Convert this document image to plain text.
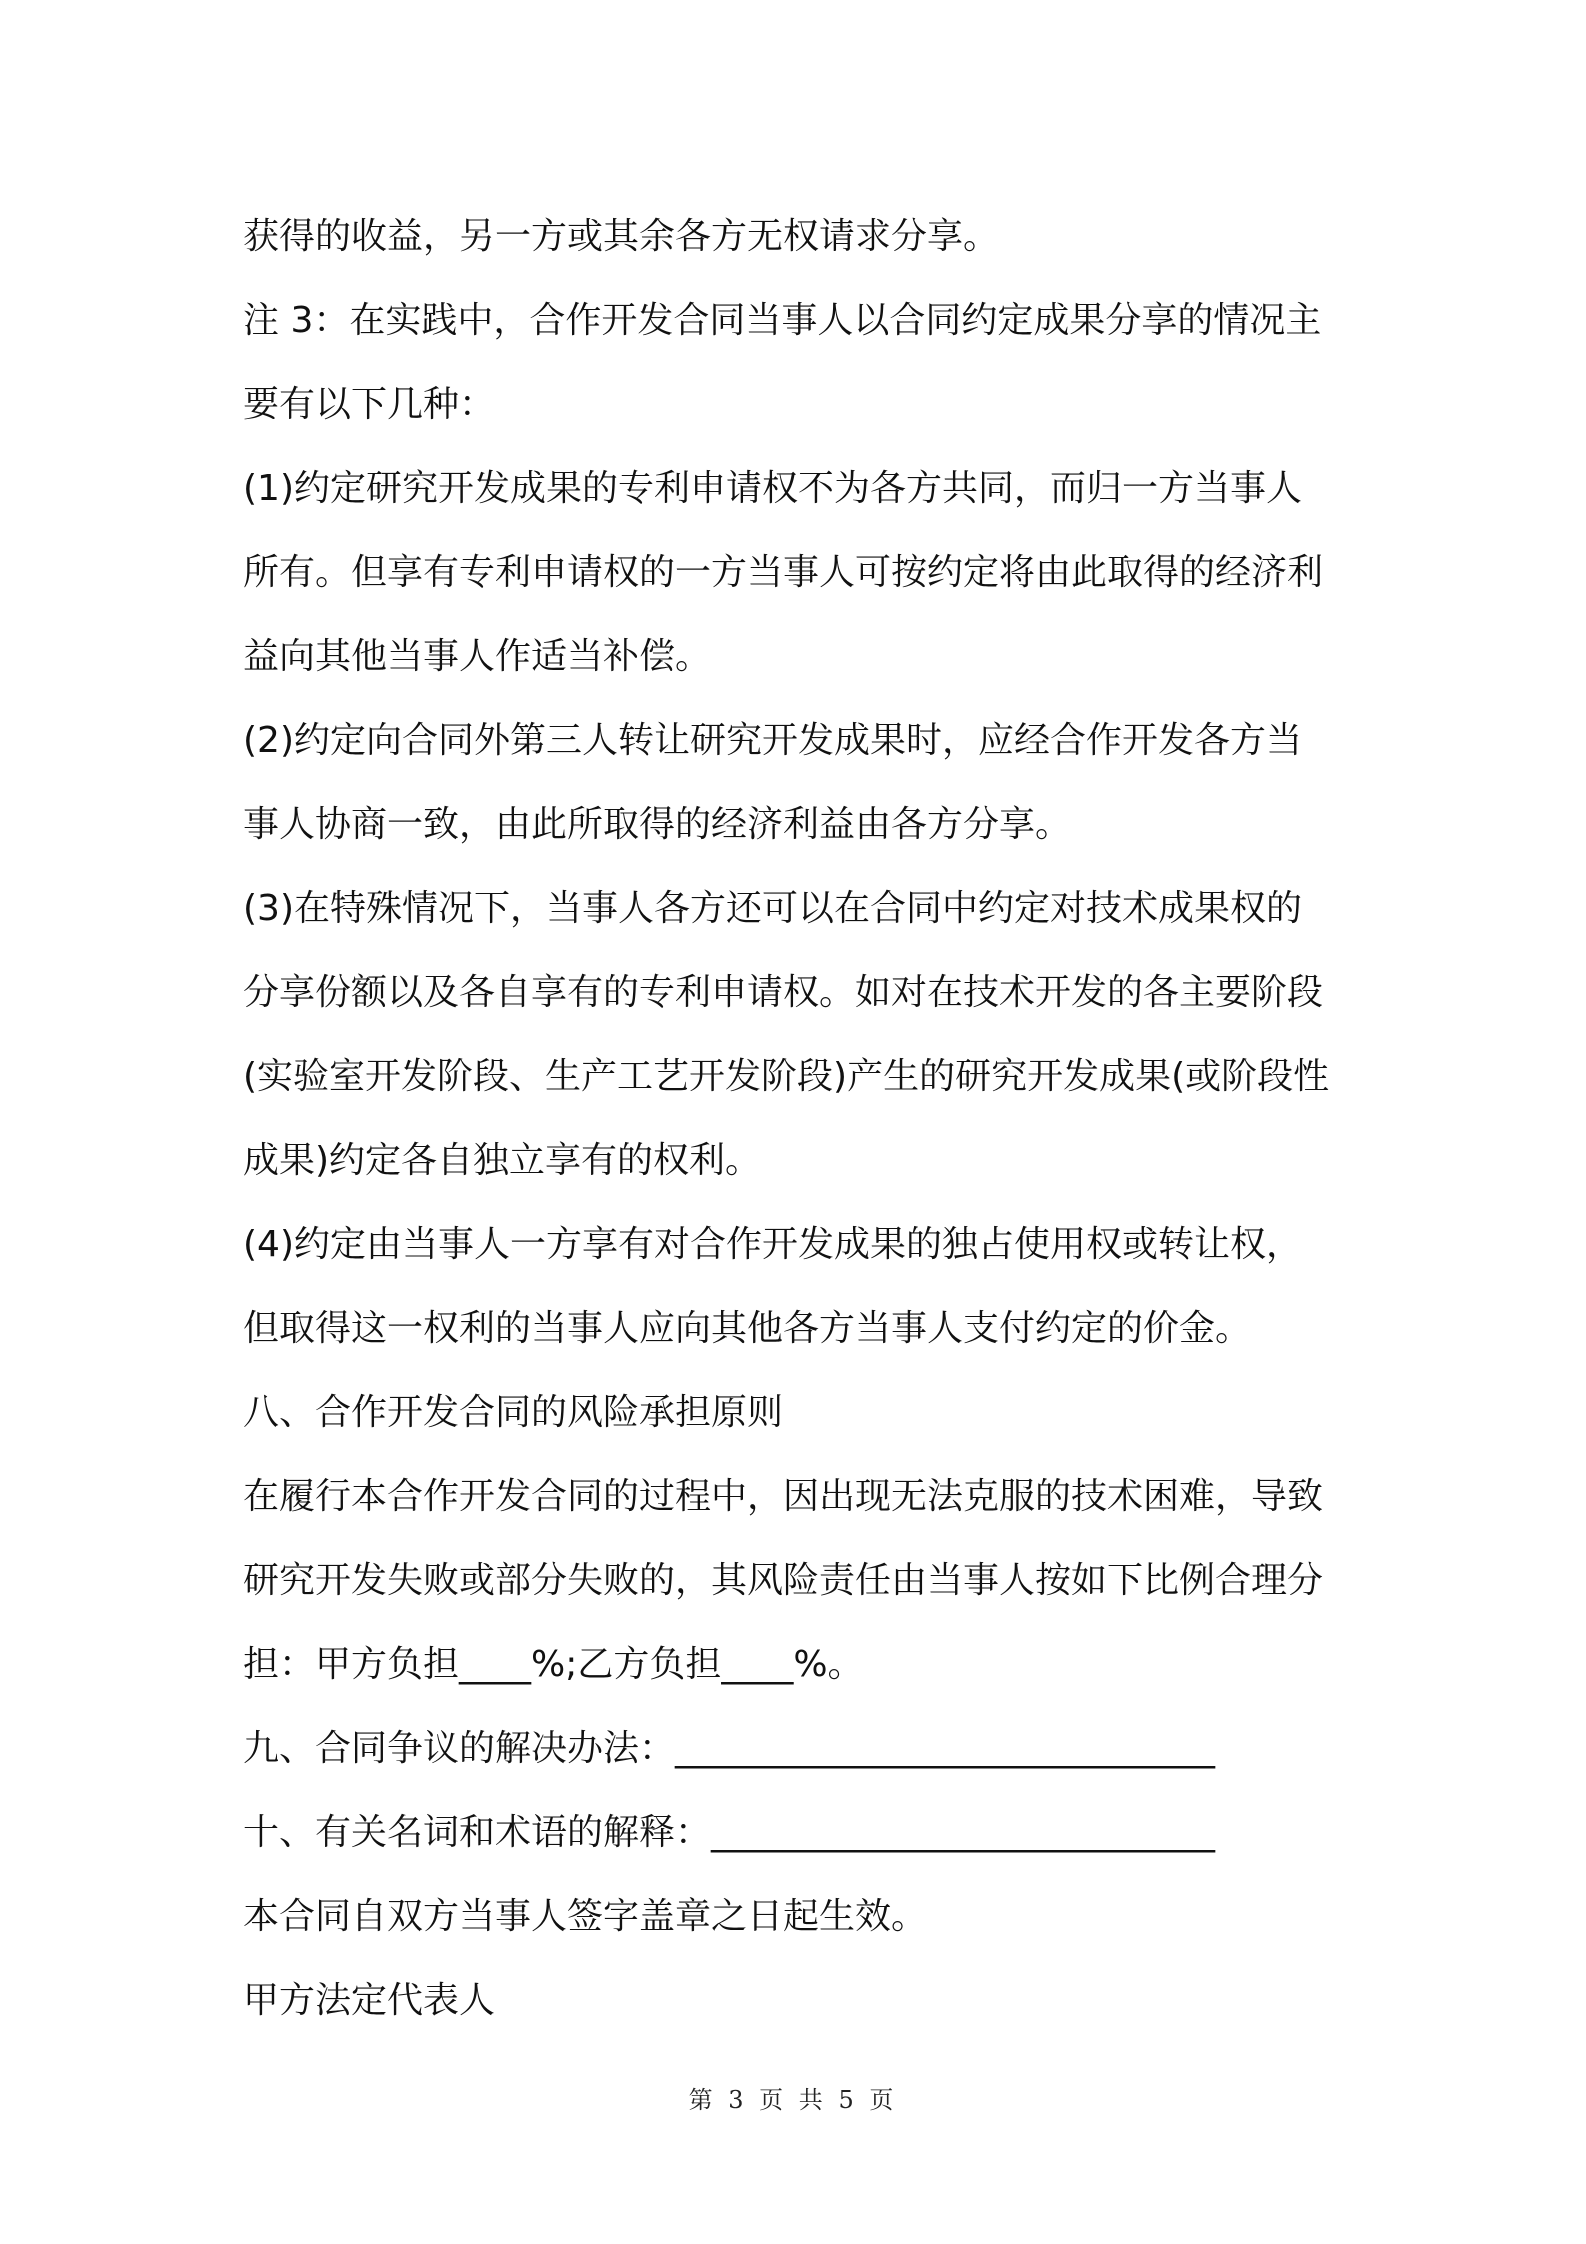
获得的收益，另一方或其余各方无权请求分享。
注 3：在实践中，合作开发合同当事人以合同约定成果分享的情况主
要有以下几种：
(1)约定研究开发成果的专利申请权不为各方共同，而归一方当事人
所有。但享有专利申请权的一方当事人可按约定将由此取得的经济利
益向其他当事人作适当补偿。
(2)约定向合同外第三人转让研究开发成果时，应经合作开发各方当
事人协商一致，由此所取得的经济利益由各方分享。
(3)在特殊情况下，当事人各方还可以在合同中约定对技术成果权的
分享份额以及各自享有的专利申请权。如对在技术开发的各主要阶段
(实验室开发阶段、生产工艺开发阶段)产生的研究开发成果(或阶段性
成果)约定各自独立享有的权利。
(4)约定由当事人一方享有对合作开发成果的独占使用权或转让权，
但取得这一权利的当事人应向其他各方当事人支付约定的价金。
八、合作开发合同的风险承担原则
在履行本合作开发合同的过程中，因出现无法克服的技术困难，导致
研究开发失败或部分失败的，其风险责任由当事人按如下比例合理分
担：甲方负担____%;乙方负担____%。
九、合同争议的解决办法：______________________________
十、有关名词和术语的解释：____________________________
本合同自双方当事人签字盖章之日起生效。
甲方法定代表人
第 3 页 共 5 页
